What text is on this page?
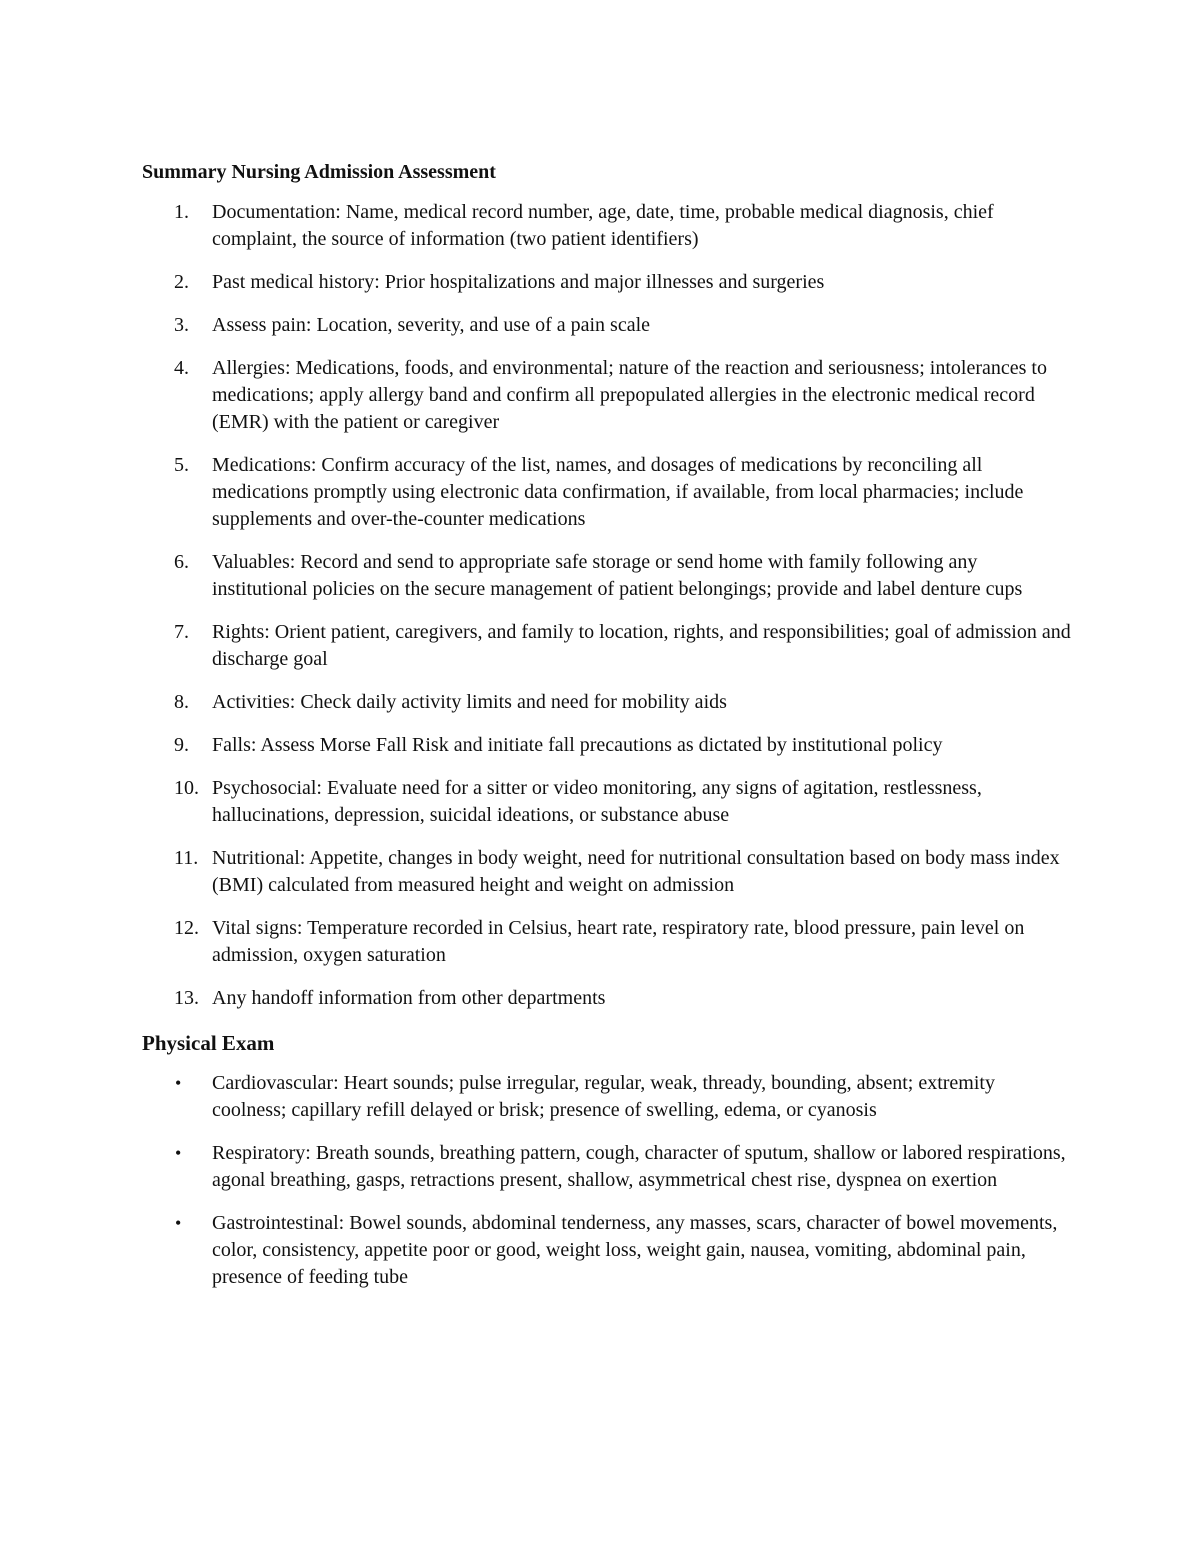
Summary Nursing Admission Assessment
1.	Documentation: Name, medical record number, age, date, time, probable medical diagnosis, chief complaint, the source of information (two patient identifiers)
2.	Past medical history: Prior hospitalizations and major illnesses and surgeries
3.	Assess pain: Location, severity, and use of a pain scale
4.	Allergies: Medications, foods, and environmental; nature of the reaction and seriousness; intolerances to medications; apply allergy band and confirm all prepopulated allergies in the electronic medical record (EMR) with the patient or caregiver
5.	Medications: Confirm accuracy of the list, names, and dosages of medications by reconciling all medications promptly using electronic data confirmation, if available, from local pharmacies; include supplements and over-the-counter medications
6.	Valuables: Record and send to appropriate safe storage or send home with family following any institutional policies on the secure management of patient belongings; provide and label denture cups
7.	Rights: Orient patient, caregivers, and family to location, rights, and responsibilities; goal of admission and discharge goal
8.	Activities: Check daily activity limits and need for mobility aids
9.	Falls: Assess Morse Fall Risk and initiate fall precautions as dictated by institutional policy
10. Psychosocial: Evaluate need for a sitter or video monitoring, any signs of agitation, restlessness, hallucinations, depression, suicidal ideations, or substance abuse
11. Nutritional: Appetite, changes in body weight, need for nutritional consultation based on body mass index (BMI) calculated from measured height and weight on admission
12. Vital signs: Temperature recorded in Celsius, heart rate, respiratory rate, blood pressure, pain level on admission, oxygen saturation
13. Any handoff information from other departments
Physical Exam
•	Cardiovascular: Heart sounds; pulse irregular, regular, weak, thready, bounding, absent; extremity coolness; capillary refill delayed or brisk; presence of swelling, edema, or cyanosis
•	Respiratory: Breath sounds, breathing pattern, cough, character of sputum, shallow or labored respirations, agonal breathing, gasps, retractions present, shallow, asymmetrical chest rise, dyspnea on exertion
•	Gastrointestinal: Bowel sounds, abdominal tenderness, any masses, scars, character of bowel movements, color, consistency, appetite poor or good, weight loss, weight gain, nausea, vomiting, abdominal pain, presence of feeding tube
